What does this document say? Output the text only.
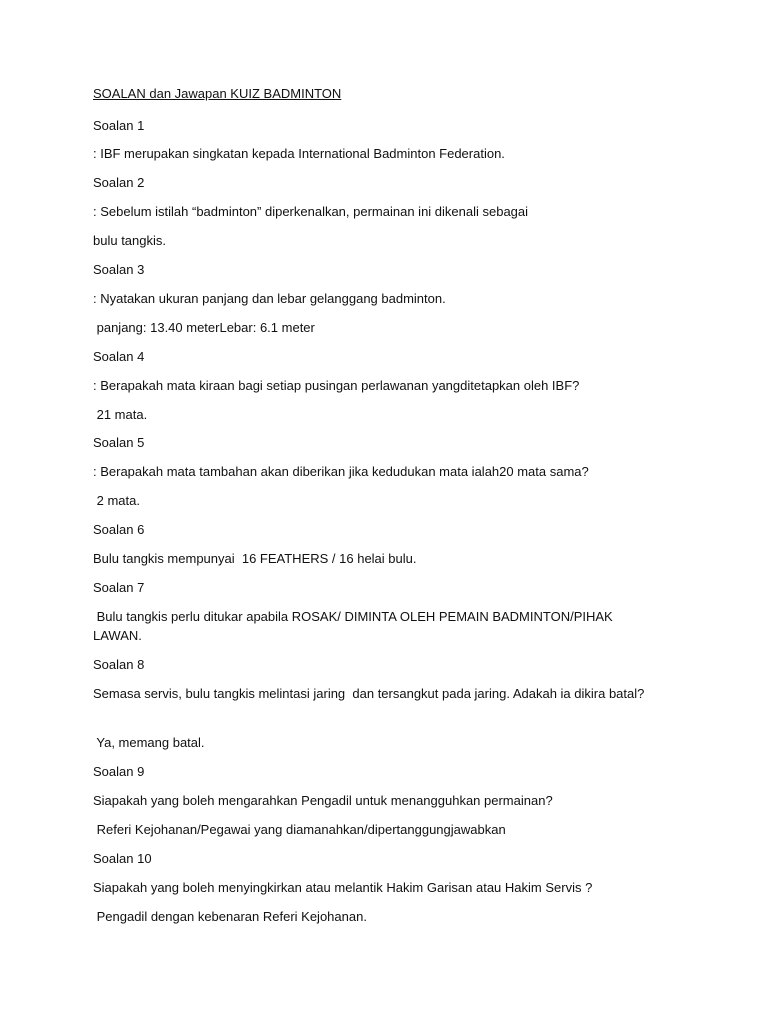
SOALAN dan Jawapan KUIZ BADMINTON
Soalan 1
: IBF merupakan singkatan kepada International Badminton Federation.
Soalan 2
: Sebelum istilah “badminton” diperkenalkan, permainan ini dikenali sebagai
bulu tangkis.
Soalan 3
: Nyatakan ukuran panjang dan lebar gelanggang badminton.
panjang: 13.40 meterLebar: 6.1 meter
Soalan 4
: Berapakah mata kiraan bagi setiap pusingan perlawanan yangditetapkan oleh IBF?
21 mata.
Soalan 5
: Berapakah mata tambahan akan diberikan jika kedudukan mata ialah20 mata sama?
2 mata.
Soalan 6
Bulu tangkis mempunyai  16 FEATHERS / 16 helai bulu.
Soalan 7
Bulu tangkis perlu ditukar apabila ROSAK/ DIMINTA OLEH PEMAIN BADMINTON/PIHAK LAWAN.
Soalan 8
Semasa servis, bulu tangkis melintasi jaring  dan tersangkut pada jaring. Adakah ia dikira batal?
Ya, memang batal.
Soalan 9
Siapakah yang boleh mengarahkan Pengadil untuk menangguhkan permainan?
Referi Kejohanan/Pegawai yang diamanahkan/dipertanggungjawabkan
Soalan 10
Siapakah yang boleh menyingkirkan atau melantik Hakim Garisan atau Hakim Servis ?
Pengadil dengan kebenaran Referi Kejohanan.
